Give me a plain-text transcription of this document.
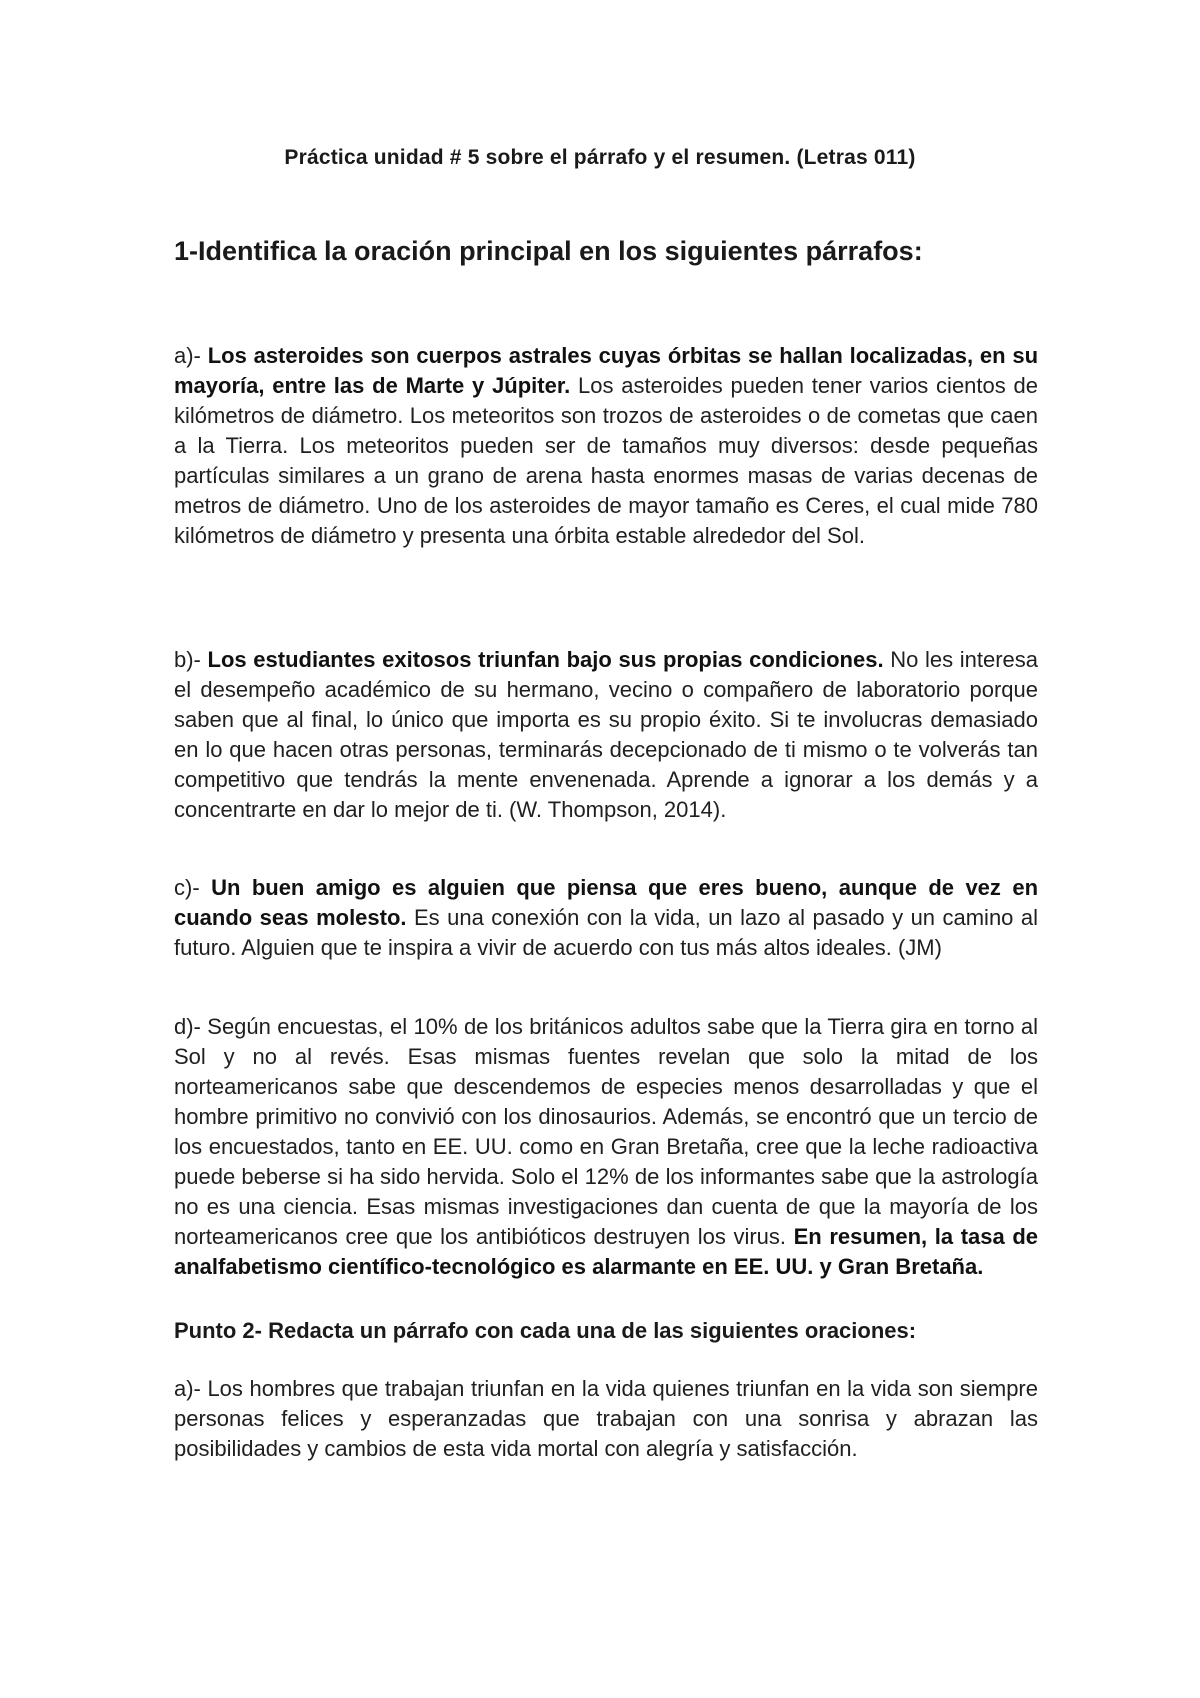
Práctica unidad # 5 sobre el párrafo y el resumen. (Letras 011)
1-Identifica la oración principal en los siguientes párrafos:

a)- Los asteroides son cuerpos astrales cuyas órbitas se hallan localizadas, en su mayoría, entre las de Marte y Júpiter. Los asteroides pueden tener varios cientos de kilómetros de diámetro. Los meteoritos son trozos de asteroides o de cometas que caen a la Tierra. Los meteoritos pueden ser de tamaños muy diversos: desde pequeñas partículas similares a un grano de arena hasta enormes masas de varias decenas de metros de diámetro. Uno de los asteroides de mayor tamaño es Ceres, el cual mide 780 kilómetros de diámetro y presenta una órbita estable alrededor del Sol.

b)- Los estudiantes exitosos triunfan bajo sus propias condiciones. No les interesa el desempeño académico de su hermano, vecino o compañero de laboratorio porque saben que al final, lo único que importa es su propio éxito. Si te involucras demasiado en lo que hacen otras personas, terminarás decepcionado de ti mismo o te volverás tan competitivo que tendrás la mente envenenada. Aprende a ignorar a los demás y a concentrarte en dar lo mejor de ti. (W. Thompson, 2014).

c)- Un buen amigo es alguien que piensa que eres bueno, aunque de vez en cuando seas molesto. Es una conexión con la vida, un lazo al pasado y un camino al futuro. Alguien que te inspira a vivir de acuerdo con tus más altos ideales. (JM)

d)- Según encuestas, el 10% de los británicos adultos sabe que la Tierra gira en torno al Sol y no al revés. Esas mismas fuentes revelan que solo la mitad de los norteamericanos sabe que descendemos de especies menos desarrolladas y que el hombre primitivo no convivió con los dinosaurios. Además, se encontró que un tercio de los encuestados, tanto en EE. UU. como en Gran Bretaña, cree que la leche radioactiva puede beberse si ha sido hervida. Solo el 12% de los informantes sabe que la astrología no es una ciencia. Esas mismas investigaciones dan cuenta de que la mayoría de los norteamericanos cree que los antibióticos destruyen los virus. En resumen, la tasa de analfabetismo científico-tecnológico es alarmante en EE. UU. y Gran Bretaña.

Punto 2- Redacta un párrafo con cada una de las siguientes oraciones:

a)- Los hombres que trabajan triunfan en la vida quienes triunfan en la vida son siempre personas felices y esperanzadas que trabajan con una sonrisa y abrazan las posibilidades y cambios de esta vida mortal con alegría y satisfacción.
